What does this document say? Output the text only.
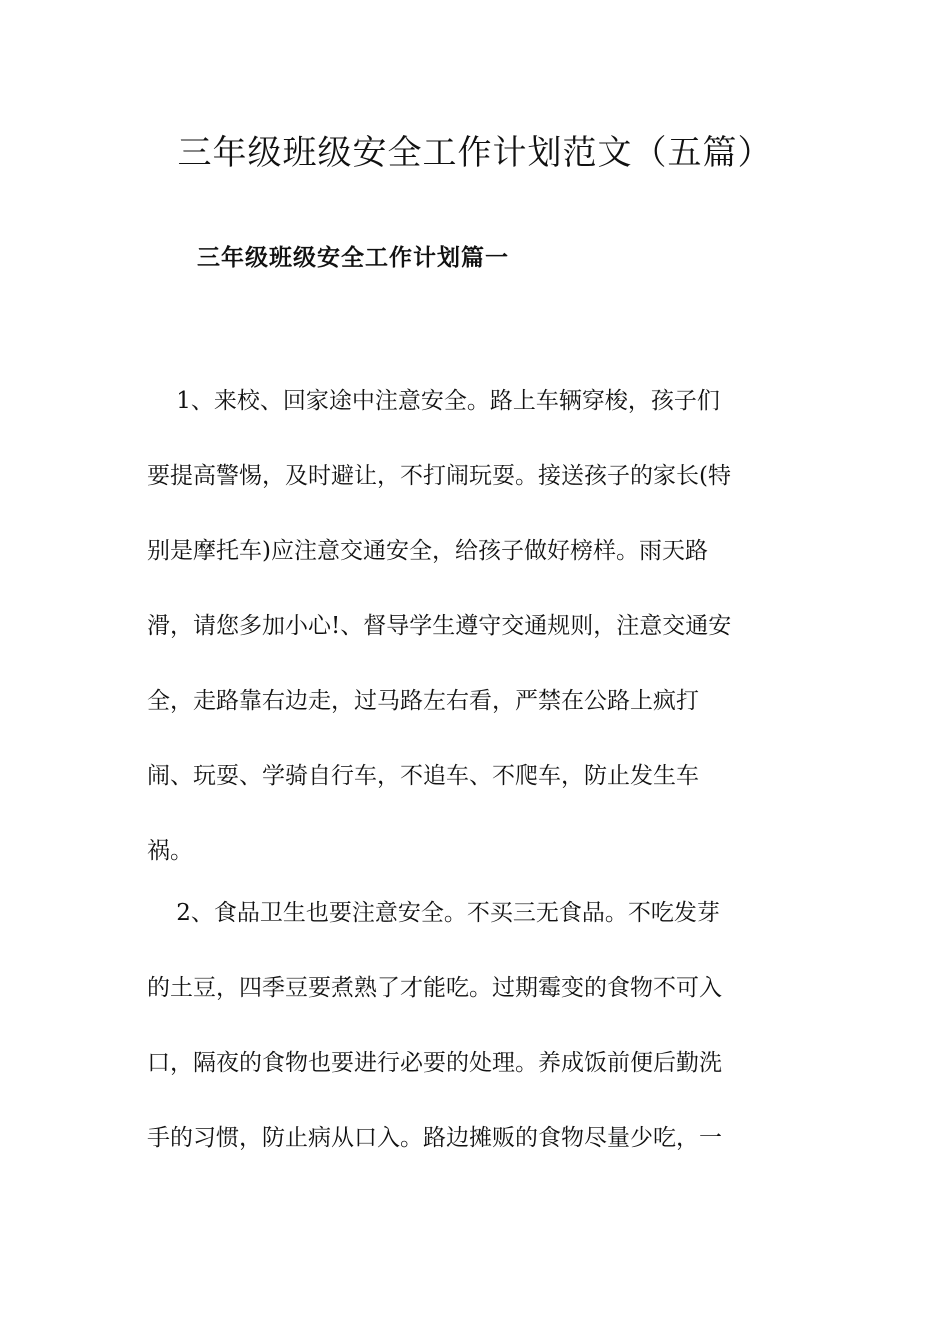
三年级班级安全工作计划范文（五篇）
三年级班级安全工作计划篇一
1、来校、回家途中注意安全。路上车辆穿梭，孩子们
要提高警惕，及时避让，不打闹玩耍。接送孩子的家长(特
别是摩托车)应注意交通安全，给孩子做好榜样。雨天路
滑，请您多加小心!、督导学生遵守交通规则，注意交通安
全，走路靠右边走，过马路左右看，严禁在公路上疯打
闹、玩耍、学骑自行车，不追车、不爬车，防止发生车
祸。
2、食品卫生也要注意安全。不买三无食品。不吃发芽
的土豆，四季豆要煮熟了才能吃。过期霉变的食物不可入
口，隔夜的食物也要进行必要的处理。养成饭前便后勤洗
手的习惯，防止病从口入。路边摊贩的食物尽量少吃，一
